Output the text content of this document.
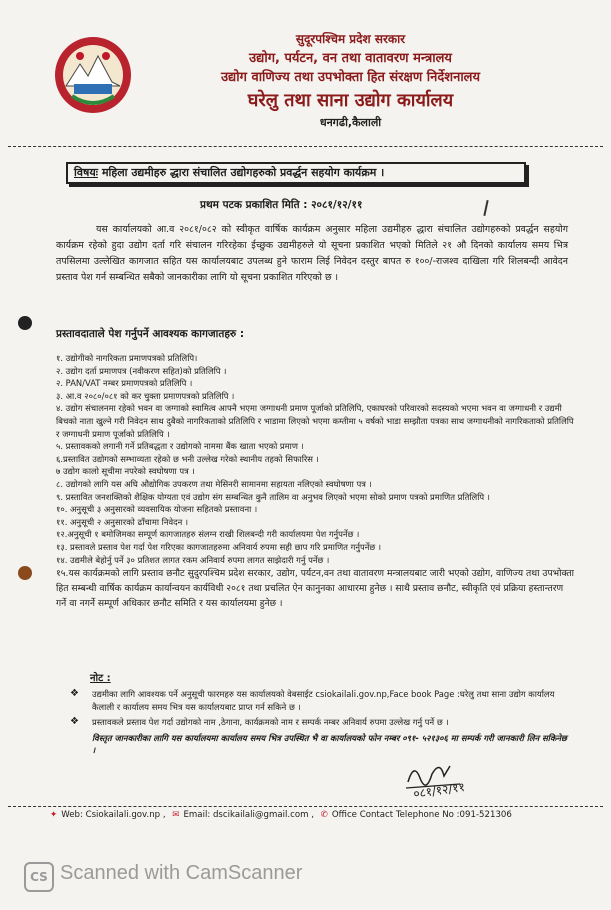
सुदूरपश्चिम प्रदेश सरकार
उद्योग, पर्यटन, वन तथा वातावरण मन्त्रालय
उद्योग वाणिज्य तथा उपभोक्ता हित संरक्षण निर्देशनालय
घरेलु तथा साना उद्योग कार्यालय
धनगढी,कैलाली
विषयः महिला उद्यमीहरु द्धारा संचालित उद्योगहरुको प्रवर्द्धन सहयोग कार्यक्रम ।
प्रथम पटक प्रकाशित मिति : २०८१/१२/११
यस कार्यालयको आ.व २०८१/०८२ को स्वीकृत वार्षिक कार्यक्रम अनुसार महिला उद्यमीहरु द्धारा संचालित उद्योगहरुको प्रवर्द्धन सहयोग कार्यक्रम रहेको हुदा उद्योग दर्ता गरि संचालन गरिरहेका ईच्छुक उद्यमीहरुले यो सूचना प्रकाशित भएको मितिले २१ औ दिनको कार्यालय समय भित्र तपसिलमा उल्लेखित कागजात सहित यस कार्यालयबाट उपलब्ध हुने फाराम लिई निवेदन दस्तुर बापत रु १००/-राजश्व दाखिला गरि शिलबन्दी आवेदन प्रस्ताव पेश गर्न सम्बन्धित सबैको जानकारीका लागि यो सूचना प्रकाशित गरिएको छ ।
प्रस्तावदाताले पेश गर्नुपर्ने आवश्यक कागजातहरु :
१. उद्योगीको नागरिकता प्रमाणपत्रको प्रतिलिपि।
२. उद्योग दर्ता प्रमाणपत्र (नवीकरण सहित)को प्रतिलिपि ।
२. PAN/VAT नम्बर प्रमाणपत्रको प्रतिलिपि ।
३. आ.व २०८०/०८१ को कर चुक्ता प्रमाणपत्रको प्रतिलिपि ।
४. उद्योग संचालनमा रहेको भवन वा जग्गाको स्वामित्व आफ्नै भएमा जग्गाधनी प्रमाण पूर्जाको प्रतिलिपि, एकाघरको परिवारको सदस्यको भएमा भवन वा जग्गाधनी र उद्यमी बिचको नाता खुल्ने गरी निवेदन साथ दुबैको नागरिकताको प्रतिलिपि र भाडामा लिएको भएमा कम्तीमा ५ वर्षको भाडा सम्झौता पत्रका साथ जग्गाधनीको नागरिकताको प्रतिलिपि र जग्गाधनी प्रमाण पूर्जाको प्रतिलिपि ।
५. प्रस्तावकको लगानी गर्ने प्रतिबद्धता र उद्योगको नाममा बैंक खाता भएको प्रमाण ।
६.प्रस्तावित उद्योगको सम्भाव्यता रहेको छ भनी उल्लेख गरेको स्थानीय तहको सिफारिस ।
७ उद्योग कालो सूचीमा नपरेको स्वघोषणा पत्र ।
८. उद्योगको लागि यस अघि औद्योगिक उपकरण तथा मेसिनरी सामानमा सहायता नलिएको स्वघोषणा पत्र ।
९. प्रस्तावित जनशक्तिको शैक्षिक योग्यता एवं उद्योग संग सम्बन्धित कुनै तालिम वा अनुभव लिएको भएमा सोको प्रमाण पत्रको प्रमाणित प्रतिलिपि ।
१०. अनुसूची ३ अनुसारको व्यवसायिक योजना सहितको प्रस्तावना ।
११. अनुसूची २ अनुसारको ढाँचामा निवेदन ।
१२.अनुसूची १ बमोजिमका सम्पूर्ण कागजातहरु संलग्न राखी शिलबन्दी गरी कार्यालयमा पेश गर्नुपर्नेछ ।
१३. प्रस्तावले प्रस्ताव पेश गर्दा पेश गरिएका कागजातहरुमा अनिवार्य रुपमा सही छाप गरि प्रमाणित गर्नुपर्नेछ ।
१४. उद्यमीले बेहोर्नु पर्ने ३० प्रतिशत लागत रकम अनिवार्य रुपमा लागत साझेदारी गर्नु पर्नेछ ।
१५.यस कार्यक्रमको लागि प्रस्ताव छनौट सुदुरपश्चिम प्रदेश सरकार, उद्योग, पर्यटन,वन तथा वातावरण मन्त्रालयबाट जारी भएको उद्योग, वाणिज्य तथा उपभोक्ता हित सम्बन्धी वार्षिक कार्यक्रम कार्यान्वयन कार्यविधी २०८१ तथा प्रचलित ऐन कानुनका आधारमा हुनेछ । साथै प्रस्ताव छनौट, स्वीकृति एवं प्रक्रिया हस्तान्तरण गर्ने वा नगर्ने सम्पूर्ण अधिकार छनौट समिति र यस कार्यालयमा हुनेछ ।
नोट :
❖ उद्यमीका लागि आवश्यक पर्ने अनुसूची फारमहरु यस कार्यालयको वेबसाईट csiokailali.gov.np,Face book Page :घरेलु तथा साना उद्योग कार्यालय कैलाली र कार्यालय समय भित्र यस कार्यालयबाट प्राप्त गर्न सकिने छ ।
❖ प्रस्तावकले प्रस्ताव पेश गर्दा उद्योगको नाम ,ठेगाना, कार्यक्रमको नाम र सम्पर्क नम्बर अनिवार्य रुपमा उल्लेख गर्नु पर्ने छ ।
विस्तृत जानकारीका लागि यस कार्यालयमा कार्यालय समय भित्र उपस्थित भै वा कार्यालयको फोन नम्बर ०९१- ५२१३०६ मा सम्पर्क गरी जानकारी लिन सकिनेछ ।
०८१/१२/११
✦ Web: Csiokailali.gov.np , ✉ Email: dscikailali@gmail.com , ✆ Office Contact Telephone No :091-521306
CS Scanned with CamScanner
